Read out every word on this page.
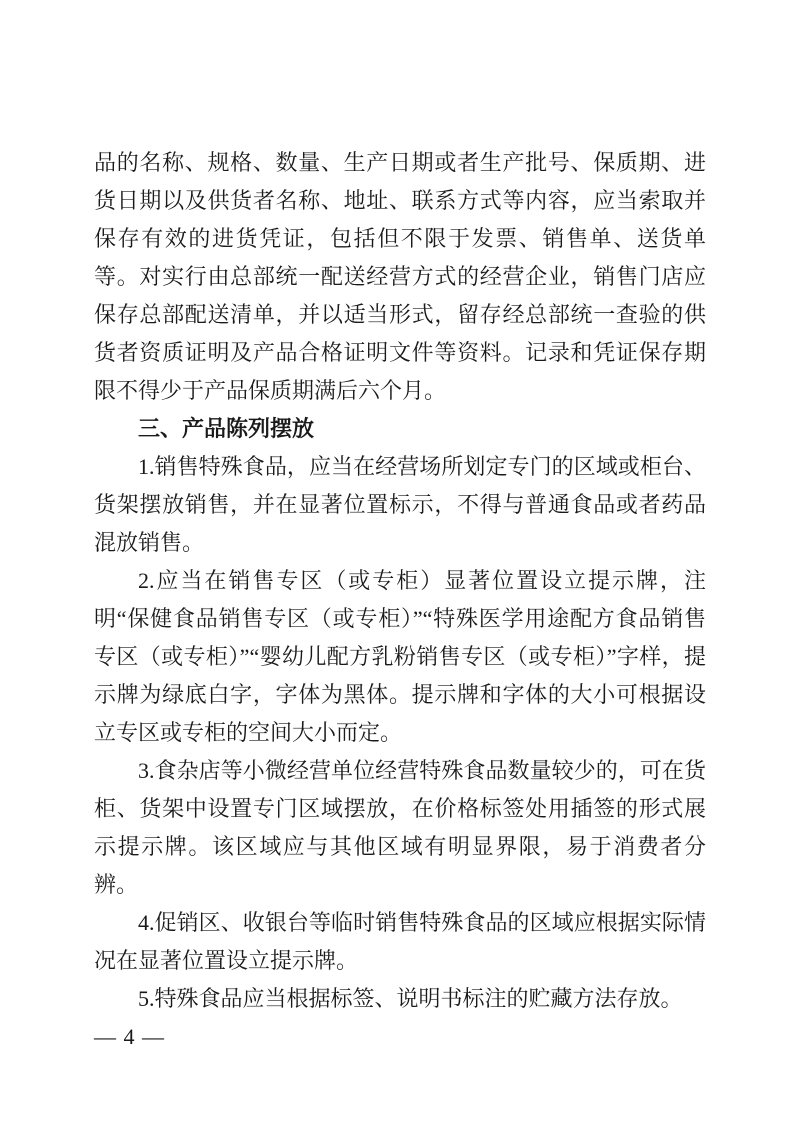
品的名称、规格、数量、生产日期或者生产批号、保质期、进货日期以及供货者名称、地址、联系方式等内容，应当索取并保存有效的进货凭证，包括但不限于发票、销售单、送货单等。对实行由总部统一配送经营方式的经营企业，销售门店应保存总部配送清单，并以适当形式，留存经总部统一查验的供货者资质证明及产品合格证明文件等资料。记录和凭证保存期限不得少于产品保质期满后六个月。

三、产品陈列摆放

1.销售特殊食品，应当在经营场所划定专门的区域或柜台、货架摆放销售，并在显著位置标示，不得与普通食品或者药品混放销售。

2.应当在销售专区（或专柜）显著位置设立提示牌，注明“保健食品销售专区（或专柜）”“特殊医学用途配方食品销售专区（或专柜）”“婴幼儿配方乳粉销售专区（或专柜）”字样，提示牌为绿底白字，字体为黑体。提示牌和字体的大小可根据设立专区或专柜的空间大小而定。

3.食杂店等小微经营单位经营特殊食品数量较少的，可在货柜、货架中设置专门区域摆放，在价格标签处用插签的形式展示提示牌。该区域应与其他区域有明显界限，易于消费者分辨。

4.促销区、收银台等临时销售特殊食品的区域应根据实际情况在显著位置设立提示牌。

5.特殊食品应当根据标签、说明书标注的贮藏方法存放。

— 4 —
